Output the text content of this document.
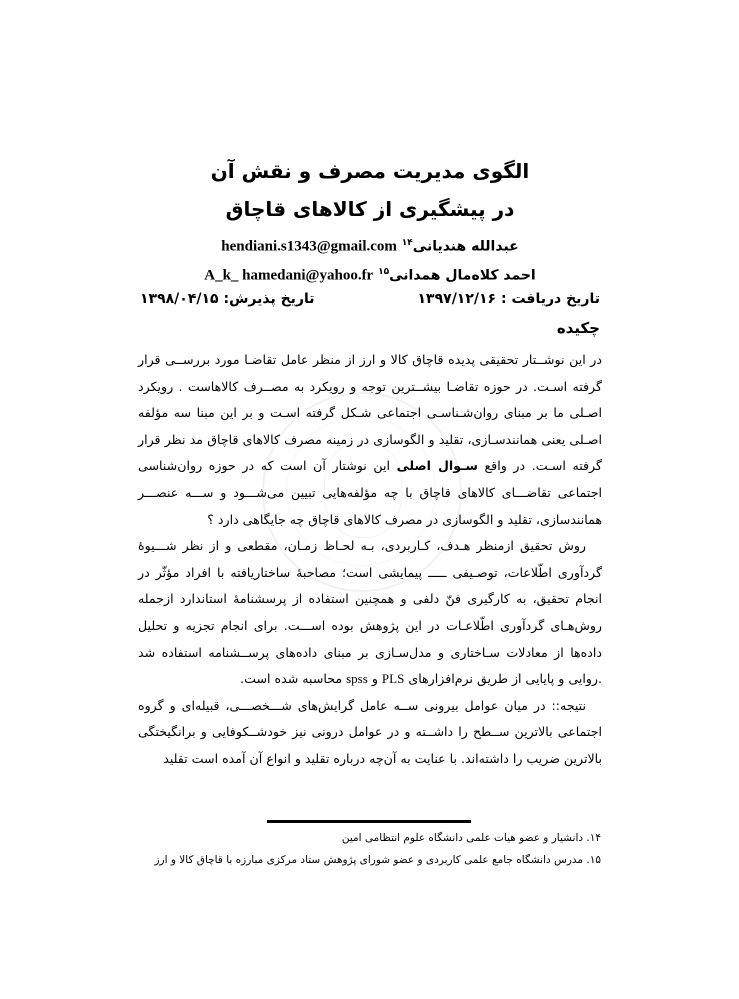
الگوی مدیریت مصرف و نقش آن
در پیشگیری از کالاهای قاچاق
عبدالله هندیانی$^{۱۴}$ hendiani.s1343@gmail.com
احمد کلاه‌مال همدانی$^{۱۵}$ A_k_ hamedani@yahoo.fr
تاریخ دریافت : ۱۳۹۷/۱۲/۱۶
تاریخ پذیرش: ۱۳۹۸/۰۴/۱۵
چکیده

در این نوشــتار تحقیقی پدیده قاچاق کالا و ارز از منظر عامل تقاضـا مورد بررســی قرار گرفته اسـت. در حوزه تقاضـا بیشــترین توجه و رویکرد به مصــرف کالاهاست . رویکرد اصـلی ما بر مبنای روان‌شـناسـی اجتماعی شـکل گرفته اسـت و بر این مبنا سه مؤلفه اصـلی یعنی همانندسـازی، تقلید و الگوسازی در زمینه مصرف کالاهای قاچاق مد نظر قرار گرفته اسـت. در واقع سـوال اصلی این نوشتار آن است که در حوزه روان‌شناسی اجتماعی تقاضـــای کالاهای قاچاق با چه مؤلفه‌هایی تبیین می‌شـــود و ســـه عنصـــر همانندسازی، تقلید و الگوسازی در مصرف کالاهای قاچاق چه جایگاهی دارد ؟

روش تحقیق ازمنظر هـدف، کـاربردی، بـه لحـاظ زمـان، مقطعی و از نظر شـــیوۀ گردآوری اطّلاعات، توصـیفی ـــــ پیمایشی است؛ مصاحبۀ ساختاریافته با افراد مؤثّر در انجام تحقیق، به کارگیری فنّ دلفی و همچنین استفاده از پرسشنامۀ استاندارد ازجمله روش‌هـای گردآوری اطّلاعـات در این پژوهش بوده اســـت. برای انجام تجزیه و تحلیل داده‌ها از معادلات سـاختاری و مدل‌سـازی بر مبنای داده‌های پرســشنامه استفاده شد .روایی و پایایی از طریق نرم‌افزارهای PLS و spss محاسبه شده است.

نتیجه:: در میان عوامل بیرونی ســه عامل گرایش‌های شـــخصـــی، قبیله‌ای و گروه اجتماعی بالاترین ســطح را داشــته و در عوامل درونی نیز خودشــکوفایی و برانگیختگی بالاترین ضریب را داشته‌اند. با عنایت به آن‌چه درباره تقلید و انواع آن آمده است تقلید

۱۴. دانشیار و عضو هیات علمی دانشگاه علوم انتظامی امین
۱۵. مدرس دانشگاه جامع علمی کاربردی و عضو شورای پژوهش ستاد مرکزی مبارزه با قاچاق کالا و ارز
